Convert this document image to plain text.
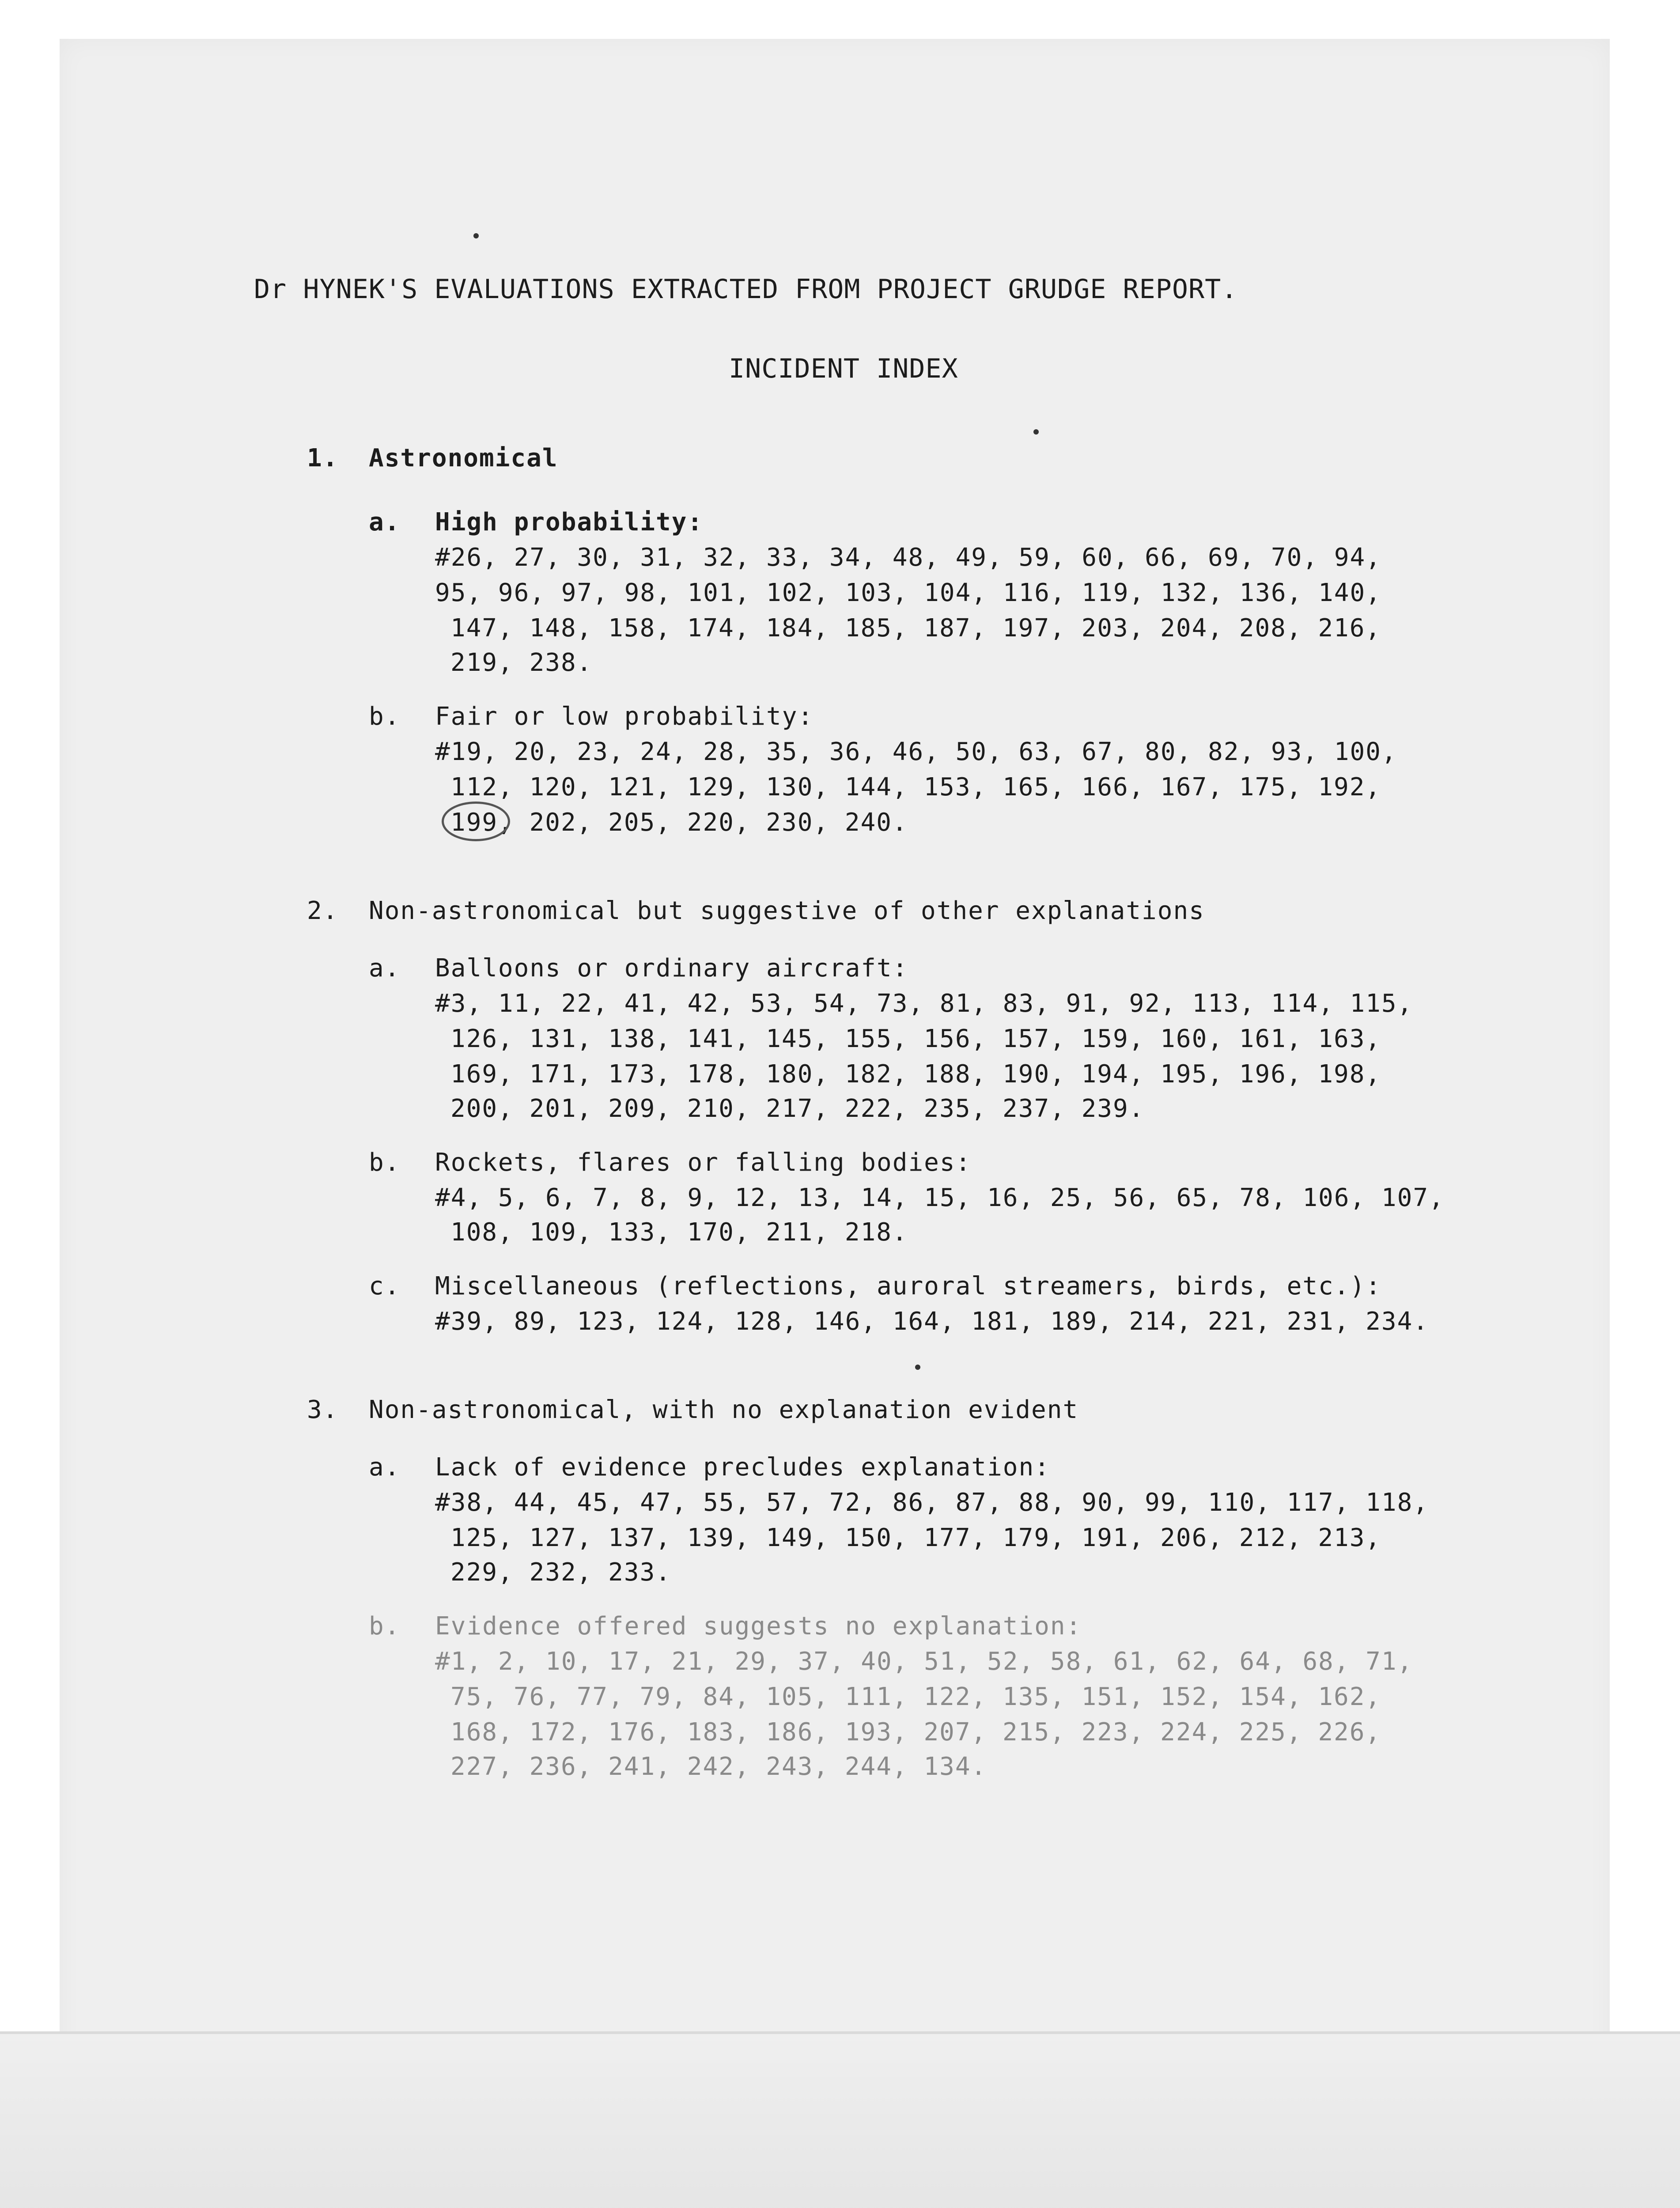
Dr HYNEK'S EVALUATIONS EXTRACTED FROM PROJECT GRUDGE REPORT.

INCIDENT INDEX

1. Astronomical

a. High probability:

#26, 27, 30, 31, 32, 33, 34, 48, 49, 59, 60, 66, 69, 70, 94,

95, 96, 97, 98, 101, 102, 103, 104, 116, 119, 132, 136, 140,

147, 148, 158, 174, 184, 185, 187, 197, 203, 204, 208, 216,

219, 238.

b. Fair or low probability:

#19, 20, 23, 24, 28, 35, 36, 46, 50, 63, 67, 80, 82, 93, 100,

112, 120, 121, 129, 130, 144, 153, 165, 166, 167, 175, 192,

199, 202, 205, 220, 230, 240.

2. Non-astronomical but suggestive of other explanations

a. Balloons or ordinary aircraft:

#3, 11, 22, 41, 42, 53, 54, 73, 81, 83, 91, 92, 113, 114, 115,

126, 131, 138, 141, 145, 155, 156, 157, 159, 160, 161, 163,

169, 171, 173, 178, 180, 182, 188, 190, 194, 195, 196, 198,

200, 201, 209, 210, 217, 222, 235, 237, 239.

b. Rockets, flares or falling bodies:

#4, 5, 6, 7, 8, 9, 12, 13, 14, 15, 16, 25, 56, 65, 78, 106, 107,

108, 109, 133, 170, 211, 218.

c. Miscellaneous (reflections, auroral streamers, birds, etc.):

#39, 89, 123, 124, 128, 146, 164, 181, 189, 214, 221, 231, 234.

3. Non-astronomical, with no explanation evident

a. Lack of evidence precludes explanation:

#38, 44, 45, 47, 55, 57, 72, 86, 87, 88, 90, 99, 110, 117, 118,

125, 127, 137, 139, 149, 150, 177, 179, 191, 206, 212, 213,

229, 232, 233.

b. Evidence offered suggests no explanation:

#1, 2, 10, 17, 21, 29, 37, 40, 51, 52, 58, 61, 62, 64, 68, 71,

75, 76, 77, 79, 84, 105, 111, 122, 135, 151, 152, 154, 162,

168, 172, 176, 183, 186, 193, 207, 215, 223, 224, 225, 226,

227, 236, 241, 242, 243, 244, 134.
